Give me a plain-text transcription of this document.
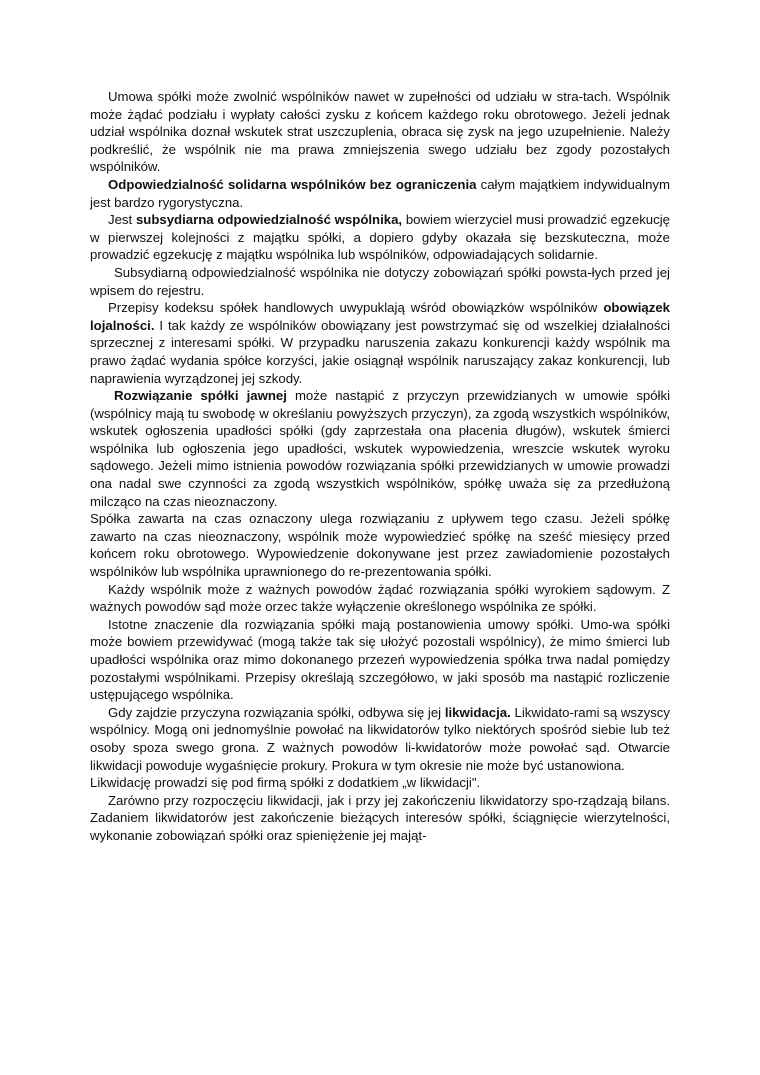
Umowa spółki może zwolnić wspólników nawet w zupełności od udziału w stra-tach. Wspólnik może żądać podziału i wypłaty całości zysku z końcem każdego roku obrotowego. Jeżeli jednak udział wspólnika doznał wskutek strat uszczuplenia, obraca się zysk na jego uzupełnienie. Należy podkreślić, że wspólnik nie ma prawa zmniejszenia swego udziału bez zgody pozostałych wspólników.

Odpowiedzialność solidarna wspólników bez ograniczenia całym majątkiem indywidualnym jest bardzo rygorystyczna.

Jest subsydiarna odpowiedzialność wspólnika, bowiem wierzyciel musi prowadzić egzekucję w pierwszej kolejności z majątku spółki, a dopiero gdyby okazała się bezskuteczna, może prowadzić egzekucję z majątku wspólnika lub wspólników, odpowiadających solidarnie.

Subsydiarną odpowiedzialność wspólnika nie dotyczy zobowiązań spółki powsta-łych przed jej wpisem do rejestru.

Przepisy kodeksu spółek handlowych uwypuklają wśród obowiązków wspólników obowiązek lojalności. I tak każdy ze wspólników obowiązany jest powstrzymać się od wszelkiej działalności sprzecznej z interesami spółki. W przypadku naruszenia zakazu konkurencji każdy wspólnik ma prawo żądać wydania spółce korzyści, jakie osiągnął wspólnik naruszający zakaz konkurencji, lub naprawienia wyrządzonej jej szkody.

Rozwiązanie spółki jawnej może nastąpić z przyczyn przewidzianych w umowie spółki (wspólnicy mają tu swobodę w określaniu powyższych przyczyn), za zgodą wszystkich wspólników, wskutek ogłoszenia upadłości spółki (gdy zaprzestała ona płacenia długów), wskutek śmierci wspólnika lub ogłoszenia jego upadłości, wskutek wypowiedzenia, wreszcie wskutek wyroku sądowego. Jeżeli mimo istnienia powodów rozwiązania spółki przewidzianych w umowie prowadzi ona nadal swe czynności za zgodą wszystkich wspólników, spółkę uważa się za przedłużoną milcząco na czas nieoznaczony.

Spółka zawarta na czas oznaczony ulega rozwiązaniu z upływem tego czasu. Jeżeli spółkę zawarto na czas nieoznaczony, wspólnik może wypowiedzieć spółkę na sześć miesięcy przed końcem roku obrotowego. Wypowiedzenie dokonywane jest przez zawiadomienie pozostałych wspólników lub wspólnika uprawnionego do re-prezentowania spółki.

Każdy wspólnik może z ważnych powodów żądać rozwiązania spółki wyrokiem sądowym. Z ważnych powodów sąd może orzec także wyłączenie określonego wspólnika ze spółki.

Istotne znaczenie dla rozwiązania spółki mają postanowienia umowy spółki. Umo-wa spółki może bowiem przewidywać (mogą także tak się ułożyć pozostali wspólnicy), że mimo śmierci lub upadłości wspólnika oraz mimo dokonanego przezeń wypowiedzenia spółka trwa nadal pomiędzy pozostałymi wspólnikami. Przepisy określają szczegółowo, w jaki sposób ma nastąpić rozliczenie ustępującego wspólnika.

Gdy zajdzie przyczyna rozwiązania spółki, odbywa się jej likwidacja. Likwidato-rami są wszyscy wspólnicy. Mogą oni jednomyślnie powołać na likwidatorów tylko niektórych spośród siebie lub też osoby spoza swego grona. Z ważnych powodów li-kwidatorów może powołać sąd. Otwarcie likwidacji powoduje wygaśnięcie prokury. Prokura w tym okresie nie może być ustanowiona.

Likwidację prowadzi się pod firmą spółki z dodatkiem „w likwidacji".

Zarówno przy rozpoczęciu likwidacji, jak i przy jej zakończeniu likwidatorzy spo-rządzają bilans. Zadaniem likwidatorów jest zakończenie bieżących interesów spółki, ściągnięcie wierzytelności, wykonanie zobowiązań spółki oraz spieniężenie jej mająt-
